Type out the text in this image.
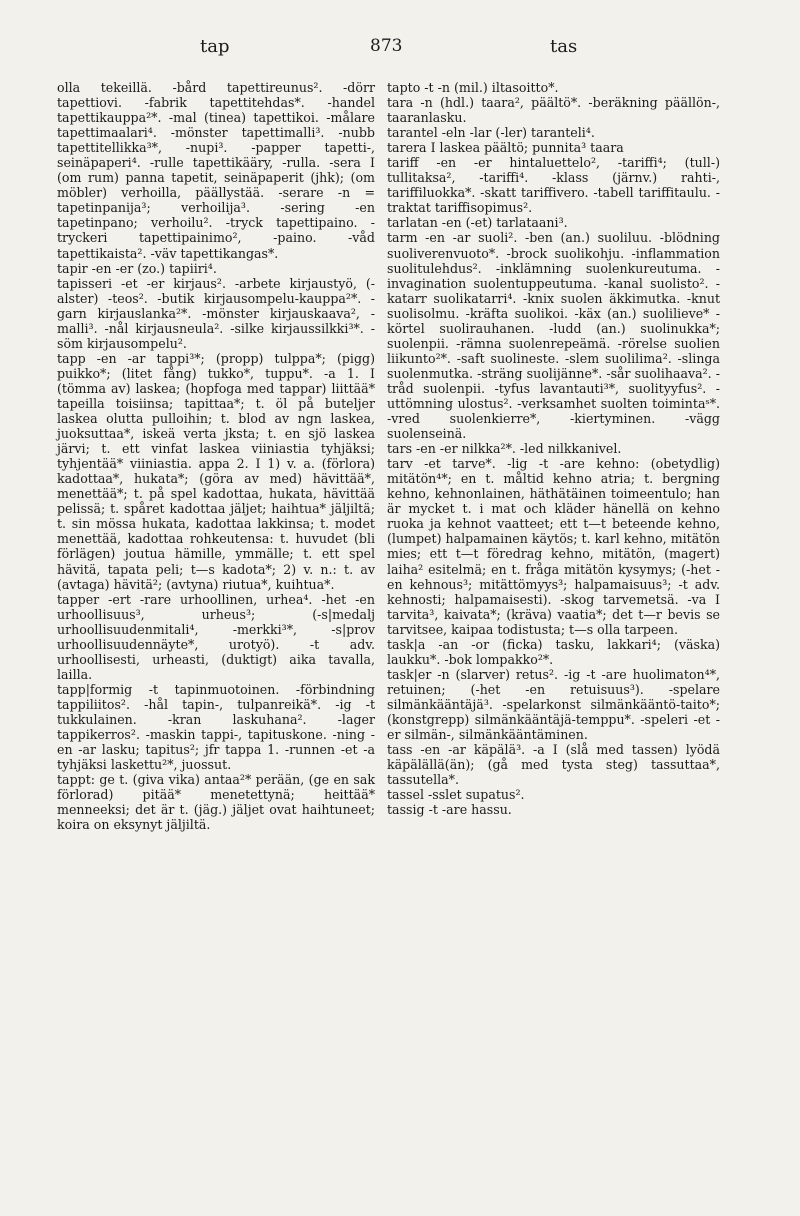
tap	873	tas

olla tekeillä. -bård tapettireunus². -dörr tapettiovi. -fabrik tapettitehdas*. -handel tapettikauppa²*. -mal (tinea) tapettikoi. -målare tapettimaalari⁴. -mönster tapettimalli³. -nubb tapettitellikka³*, -nupi³. -papper tapetti-, seinäpaperi⁴. -rulle tapettikääry, -rulla. -sera I (om rum) panna tapetit, seinäpaperit (jhk); (om möbler) verhoilla, päällystää. -serare -n = tapetinpanija³; verhoilija³. -sering -en tapetinpano; verhoilu². -tryck tapettipaino. -tryckeri tapettipainimo², -paino. -våd tapettikaista². -väv tapettikangas*.

tapir -en -er (zo.) tapiiri⁴.

tapisseri -et -er kirjaus². -arbete kirjaustyö, (-alster) -teos². -butik kirjausompelu-kauppa²*. -garn kirjauslanka²*. -mönster kirjauskaava², -malli³. -nål kirjausneula². -silke kirjaussilkki³*. -söm kirjausompelu².

tapp -en -ar tappi³*; (propp) tulppa*; (pigg) puikko*; (litet fång) tukko*, tuppu*. -a 1. I (tömma av) laskea; (hopfoga med tappar) liittää* tapeilla toisiinsa; tapittaa*; t. öl på buteljer laskea olutta pulloihin; t. blod av ngn laskea, juoksuttaa*, iskeä verta jksta; t. en sjö laskea järvi; t. ett vinfat laskea viiniastia tyhjäksi; tyhjentää* viiniastia. appa 2. I 1) v. a. (förlora) kadottaa*, hukata*; (göra av med) hävittää*, menettää*; t. på spel kadottaa, hukata, hävittää pelissä; t. spåret kadottaa jäljet; haihtua* jäljiltä; t. sin mössa hukata, kadottaa lakkinsa; t. modet menettää, kadottaa rohkeutensa: t. huvudet (bli förlägen) joutua hämille, ymmälle; t. ett spel hävitä, tapata peli; t—s kadota*; 2) v. n.: t. av (avtaga) hävitä²; (avtyna) riutua*, kuihtua*.

tapper -ert -rare urhoollinen, urhea⁴. -het -en urhoollisuus³, urheus³; (-s|medalj urhoollisuudenmitali⁴, -merkki³*, -s|prov urhoollisuudennäyte*, urotyö). -t adv. urhoollisesti, urheasti, (duktigt) aika tavalla, lailla.

tapp|formig -t tapinmuotoinen. -förbindning tappiliitos². -hål tapin-, tulpanreikä*. -ig -t tukkulainen. -kran laskuhana². -lager tappikerros². -maskin tappi-, tapituskone. -ning -en -ar lasku; tapitus²; jfr tappa 1. -runnen -et -a tyhjäksi laskettu²*, juossut.

tappt: ge t. (giva vika) antaa²* perään, (ge en sak förlorad) pitää* menetettynä; heittää* menneeksi; det är t. (jäg.) jäljet ovat haihtuneet; koira on eksynyt jäljiltä.

tapto -t -n (mil.) iltasoitto*.

tara -n (hdl.) taara², päältö*. -beräkning päällön-, taaranlasku.

tarantel -eln -lar (-ler) taranteli⁴.

tarera I laskea päältö; punnita³ taara

tariff -en -er hintaluettelo², -tariffi⁴; (tull-) tullitaksa², -tariffi⁴. -klass (järnv.) rahti-, tariffiluokka*. -skatt tariffivero. -tabell tariffitaulu. -traktat tariffisopimus².

tarlatan -en (-et) tarlataani³.

tarm -en -ar suoli². -ben (an.) suoliluu. -blödning suoliverenvuoto*. -brock suolikohju. -inflammation suolitulehdus². -inklämning suolenkureutuma. -invagination suolentuppeutuma. -kanal suolisto². -katarr suolikatarri⁴. -knix suolen äkkimutka. -knut suolisolmu. -kräfta suolikoi. -käx (an.) suolilieve* -körtel suolirauhanen. -ludd (an.) suolinukka*; suolenpii. -rämna suolenrepeämä. -rörelse suolien liikunto²*. -saft suolineste. -slem suolilima². -slinga suolenmutka. -sträng suolijänne*. -sår suolihaava². -tråd suolenpii. -tyfus lavantauti³*, suolityyfus². -uttömning ulostus². -verksamhet suolten toimintaˢ*. -vred suolenkierre*, -kiertyminen. -vägg suolenseinä.

tars -en -er nilkka²*. -led nilkkanivel.

tarv -et tarve*. -lig -t -are kehno: (obetydlig) mitätön⁴*; en t. måltid kehno atria; t. bergning kehno, kehnonlainen, häthätäinen toimeentulo; han är mycket t. i mat och kläder hänellä on kehno ruoka ja kehnot vaatteet; ett t—t beteende kehno, (lumpet) halpamainen käytös; t. karl kehno, mitätön mies; ett t—t föredrag kehno, mitätön, (magert) laiha² esitelmä; en t. fråga mitätön kysymys; (-het -en kehnous³; mitättömyys³; halpamaisuus³; -t adv. kehnosti; halpamaisesti). -skog tarvemetsä. -va I tarvita³, kaivata*; (kräva) vaatia*; det t—r bevis se tarvitsee, kaipaa todistusta; t—s olla tarpeen.

task|a -an -or (ficka) tasku, lakkari⁴; (väska) laukku*. -bok lompakko²*.

task|er -n (slarver) retus². -ig -t -are huolimaton⁴*, retuinen; (-het -en retuisuus³). -spelare silmänkääntäjä³. -spelarkonst silmänkääntö-taito*; (konstgrepp) silmänkääntäjä-temppu*. -speleri -et -er silmän-, silmänkääntäminen.

tass -en -ar käpälä³. -a I (slå med tassen) lyödä käpälällä(än); (gå med tysta steg) tassuttaa*, tassutella*.

tassel -sslet supatus².

tassig -t -are hassu.
